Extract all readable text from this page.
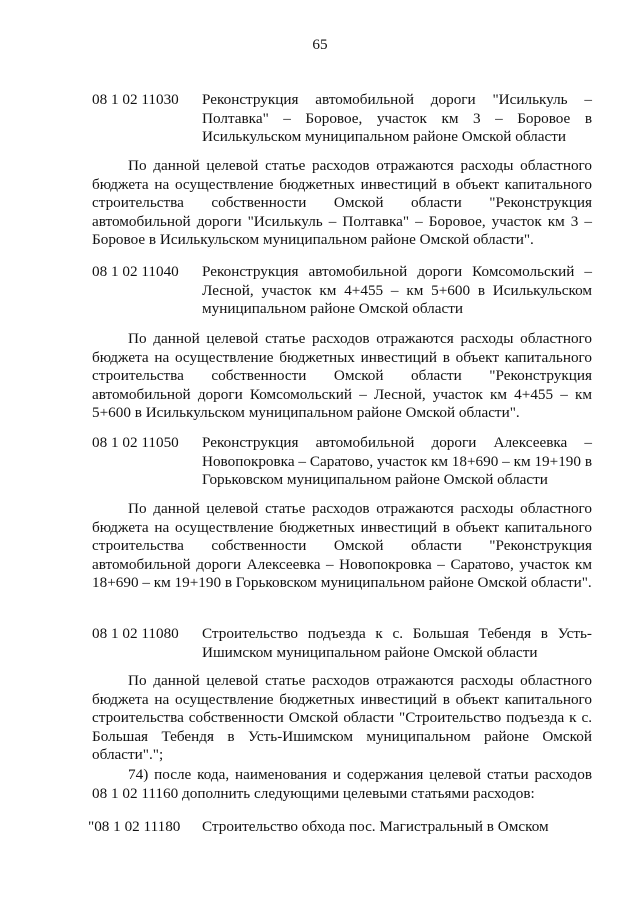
65
08 1 02 11030	Реконструкция автомобильной дороги "Исилькуль – Полтавка" – Боровое, участок км 3 – Боровое в Исилькульском муниципальном районе Омской области

По данной целевой статье расходов отражаются расходы областного бюджета на осуществление бюджетных инвестиций в объект капитального строительства собственности Омской области "Реконструкция автомобильной дороги "Исилькуль – Полтавка" – Боровое, участок км 3 – Боровое в Исилькульском муниципальном районе Омской области".

08 1 02 11040	Реконструкция автомобильной дороги Комсомольский – Лесной, участок км 4+455 – км 5+600 в Исилькульском муниципальном районе Омской области

По данной целевой статье расходов отражаются расходы областного бюджета на осуществление бюджетных инвестиций в объект капитального строительства собственности Омской области "Реконструкция автомобильной дороги Комсомольский – Лесной, участок км 4+455 – км 5+600 в Исилькульском муниципальном районе Омской области".

08 1 02 11050	Реконструкция автомобильной дороги Алексеевка – Новопокровка – Саратово, участок км 18+690 – км 19+190 в Горьковском муниципальном районе Омской области

По данной целевой статье расходов отражаются расходы областного бюджета на осуществление бюджетных инвестиций в объект капитального строительства собственности Омской области "Реконструкция автомобильной дороги Алексеевка – Новопокровка – Саратово, участок км 18+690 – км 19+190 в Горьковском муниципальном районе Омской области".

08 1 02 11080	Строительство подъезда к с. Большая Тебендя в Усть-Ишимском муниципальном районе Омской области

По данной целевой статье расходов отражаются расходы областного бюджета на осуществление бюджетных инвестиций в объект капитального строительства собственности Омской области "Строительство подъезда к с. Большая Тебендя в Усть-Ишимском муниципальном районе Омской области".";

74) после кода, наименования и содержания целевой статьи расходов 08 1 02 11160 дополнить следующими целевыми статьями расходов:

"08 1 02 11180	Строительство обхода пос. Магистральный в Омском
